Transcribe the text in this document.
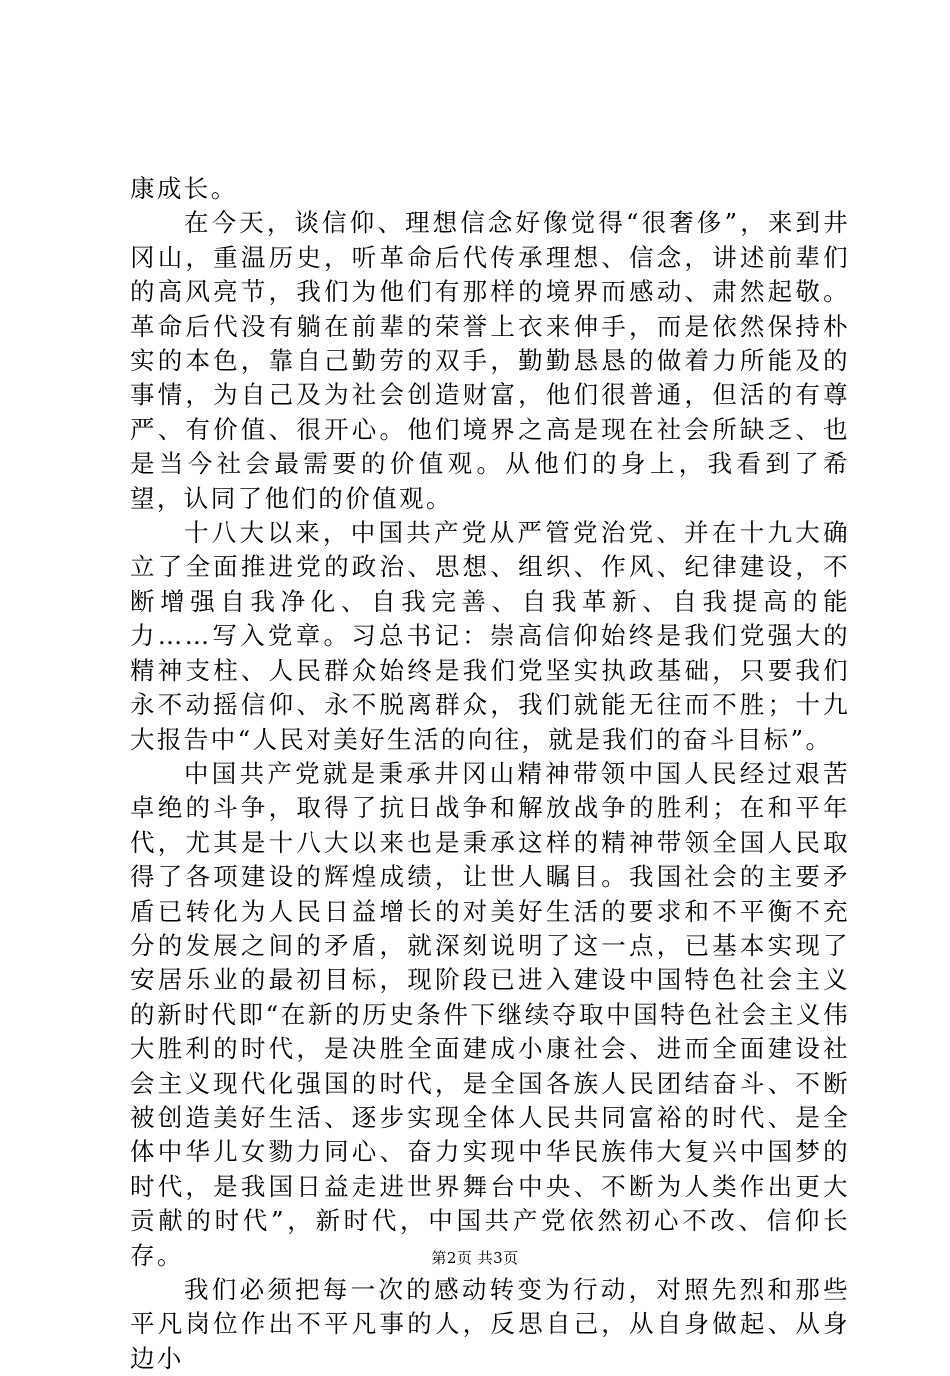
康成长。

在今天，谈信仰、理想信念好像觉得“很奢侈”，来到井冈山，重温历史，听革命后代传承理想、信念，讲述前辈们的高风亮节，我们为他们有那样的境界而感动、肃然起敬。革命后代没有躺在前辈的荣誉上衣来伸手，而是依然保持朴实的本色，靠自己勤劳的双手，勤勤恳恳的做着力所能及的事情，为自己及为社会创造财富，他们很普通，但活的有尊严、有价值、很开心。他们境界之高是现在社会所缺乏、也是当今社会最需要的价值观。从他们的身上，我看到了希望，认同了他们的价值观。

十八大以来，中国共产党从严管党治党、并在十九大确立了全面推进党的政治、思想、组织、作风、纪律建设，不断增强自我净化、自我完善、自我革新、自我提高的能力……写入党章。习总书记：崇高信仰始终是我们党强大的精神支柱、人民群众始终是我们党坚实执政基础，只要我们永不动摇信仰、永不脱离群众，我们就能无往而不胜；十九大报告中“人民对美好生活的向往，就是我们的奋斗目标”。

中国共产党就是秉承井冈山精神带领中国人民经过艰苦卓绝的斗争，取得了抗日战争和解放战争的胜利；在和平年代，尤其是十八大以来也是秉承这样的精神带领全国人民取得了各项建设的辉煌成绩，让世人瞩目。我国社会的主要矛盾已转化为人民日益增长的对美好生活的要求和不平衡不充分的发展之间的矛盾，就深刻说明了这一点，已基本实现了安居乐业的最初目标，现阶段已进入建设中国特色社会主义的新时代即“在新的历史条件下继续夺取中国特色社会主义伟大胜利的时代，是决胜全面建成小康社会、进而全面建设社会主义现代化强国的时代，是全国各族人民团结奋斗、不断被创造美好生活、逐步实现全体人民共同富裕的时代、是全体中华儿女勠力同心、奋力实现中华民族伟大复兴中国梦的时代，是我国日益走进世界舞台中央、不断为人类作出更大贡献的时代”，新时代，中国共产党依然初心不改、信仰长存。

我们必须把每一次的感动转变为行动，对照先烈和那些平凡岗位作出不平凡事的人，反思自己，从自身做起、从身边小

第2页 共3页
